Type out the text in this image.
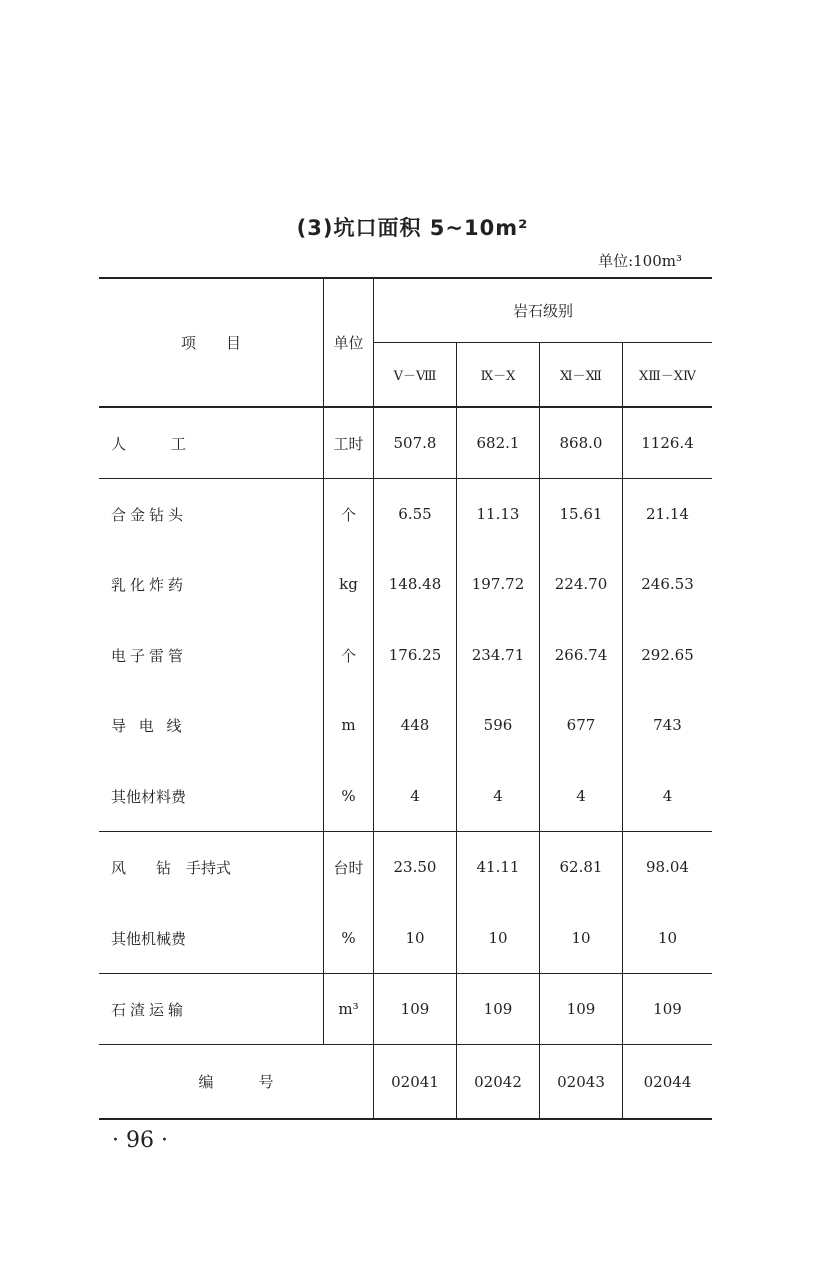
(3)坑口面积 5~10m²
单位:100m³
项　　目	单位
岩石级别
Ⅴ－Ⅷ	Ⅸ－Ⅹ	Ⅺ－Ⅻ	ⅩⅢ－ⅩⅣ
人　　　工	工时	507.8	682.1	868.0	1126.4
合金钻头	个	6.55	11.13	15.61	21.14
乳化炸药	kg	148.48	197.72	224.70	246.53
电子雷管	个	176.25	234.71	266.74	292.65
导 电 线	m	448	596	677	743
其他材料费	%	4	4	4	4
风　　钻　手持式	台时	23.50	41.11	62.81	98.04
其他机械费	%	10	10	10	10
石渣运输	m³	109	109	109	109
编　　　号	02041	02042	02043	02044
· 96 ·
